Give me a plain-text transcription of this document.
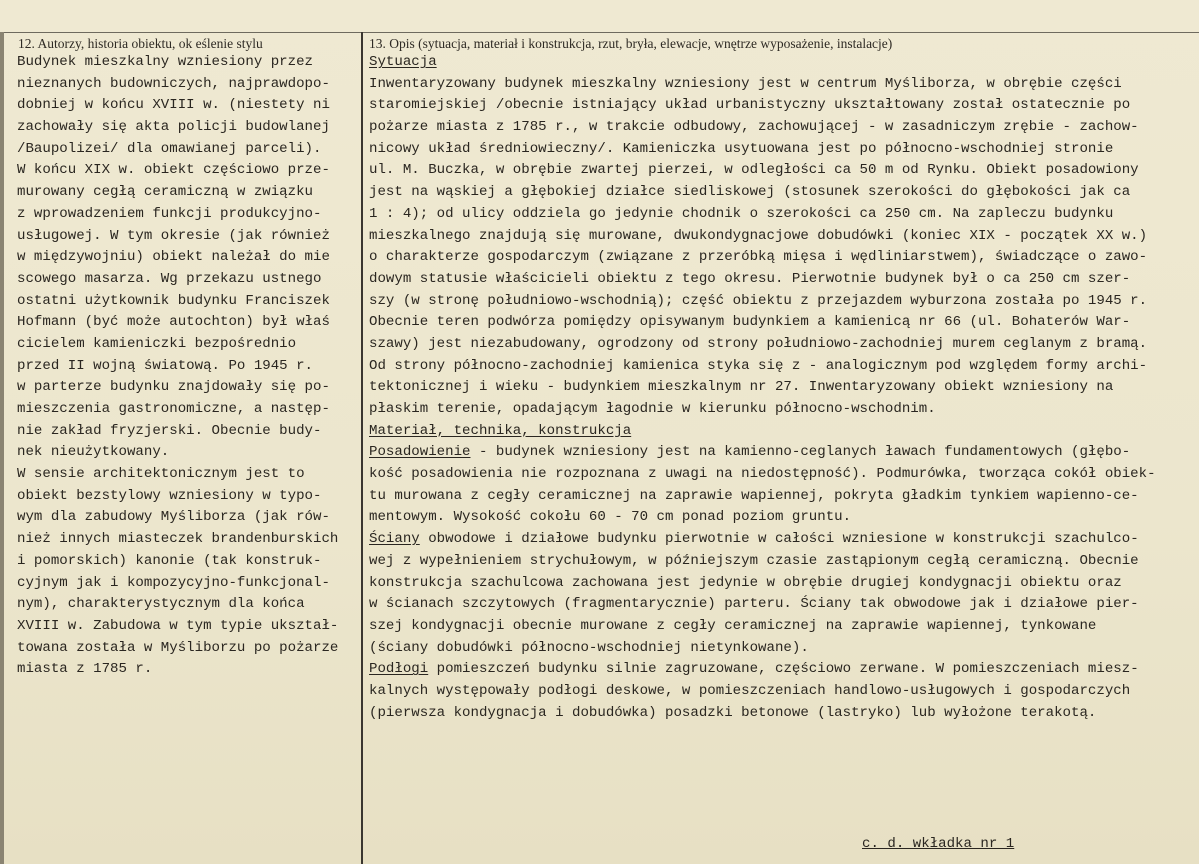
12. Autorzy, historia obiektu, ok eślenie stylu	13. Opis (sytuacja, materiał i konstrukcja, rzut, bryła, elewacje, wnętrze wyposażenie, instalacje)
Budynek mieszkalny wzniesiony przez
nieznanych budowniczych, najprawdopo-
dobniej w końcu XVIII w. (niestety ni
zachowały się akta policji budowlanej
/Baupolizei/ dla omawianej parceli).
W końcu XIX w. obiekt częściowo prze-
murowany cegłą ceramiczną w związku
z wprowadzeniem funkcji produkcyjno-
usługowej. W tym okresie (jak również
w międzywojniu) obiekt należał do mie
scowego masarza. Wg przekazu ustnego
ostatni użytkownik budynku Franciszek
Hofmann (być może autochton) był właś
cicielem kamieniczki bezpośrednio
przed II wojną światową. Po 1945 r.
w parterze budynku znajdowały się po-
mieszczenia gastronomiczne, a następ-
nie zakład fryzjerski. Obecnie budy-
nek nieużytkowany.
W sensie architektonicznym jest to
obiekt bezstylowy wzniesiony w typo-
wym dla zabudowy Myśliborza (jak rów-
nież innych miasteczek brandenburskich
i pomorskich) kanonie (tak konstruk-
cyjnym jak i kompozycyjno-funkcjonal-
nym), charakterystycznym dla końca
XVIII w. Zabudowa w tym typie ukształ-
towana została w Myśliborzu po pożarze
miasta z 1785 r.
Sytuacja
Inwentaryzowany budynek mieszkalny wzniesiony jest w centrum Myśliborza, w obrębie części
staromiejskiej /obecnie istniający układ urbanistyczny ukształtowany został ostatecznie po
pożarze miasta z 1785 r., w trakcie odbudowy, zachowującej - w zasadniczym zrębie - zachow-
nicowy układ średniowieczny/. Kamieniczka usytuowana jest po północno-wschodniej stronie
ul. M. Buczka, w obrębie zwartej pierzei, w odległości ca 50 m od Rynku. Obiekt posadowiony
jest na wąskiej a głębokiej działce siedliskowej (stosunek szerokości do głębokości jak ca
1 : 4); od ulicy oddziela go jedynie chodnik o szerokości ca 250 cm. Na zapleczu budynku
mieszkalnego znajdują się murowane, dwukondygnacjowe dobudówki (koniec XIX - początek XX w.)
o charakterze gospodarczym (związane z przeróbką mięsa i wędliniarstwem), świadczące o zawo-
dowym statusie właścicieli obiektu z tego okresu. Pierwotnie budynek był o ca 250 cm szer-
szy (w stronę południowo-wschodnią); część obiektu z przejazdem wyburzona została po 1945 r.
Obecnie teren podwórza pomiędzy opisywanym budynkiem a kamienicą nr 66 (ul. Bohaterów War-
szawy) jest niezabudowany, ogrodzony od strony południowo-zachodniej murem ceglanym z bramą.
Od strony północno-zachodniej kamienica styka się z - analogicznym pod względem formy archi-
tektonicznej i wieku - budynkiem mieszkalnym nr 27. Inwentaryzowany obiekt wzniesiony na
płaskim terenie, opadającym łagodnie w kierunku północno-wschodnim.
Materiał, technika, konstrukcja
Posadowienie - budynek wzniesiony jest na kamienno-ceglanych ławach fundamentowych (głębo-
kość posadowienia nie rozpoznana z uwagi na niedostępność). Podmurówka, tworząca cokół obiek-
tu murowana z cegły ceramicznej na zaprawie wapiennej, pokryta gładkim tynkiem wapienno-ce-
mentowym. Wysokość cokołu 60 - 70 cm ponad poziom gruntu.
Ściany obwodowe i działowe budynku pierwotnie w całości wzniesione w konstrukcji szachulco-
wej z wypełnieniem strychułowym, w późniejszym czasie zastąpionym cegłą ceramiczną. Obecnie
konstrukcja szachulcowa zachowana jest jedynie w obrębie drugiej kondygnacji obiektu oraz
w ścianach szczytowych (fragmentarycznie) parteru. Ściany tak obwodowe jak i działowe pier-
szej kondygnacji obecnie murowane z cegły ceramicznej na zaprawie wapiennej, tynkowane
(ściany dobudówki północno-wschodniej nietynkowane).
Podłogi pomieszczeń budynku silnie zagruzowane, częściowo zerwane. W pomieszczeniach miesz-
kalnych występowały podłogi deskowe, w pomieszczeniach handlowo-usługowych i gospodarczych
(pierwsza kondygnacja i dobudówka) posadzki betonowe (lastryko) lub wyłożone terakotą.
c. d. wkładka nr 1
